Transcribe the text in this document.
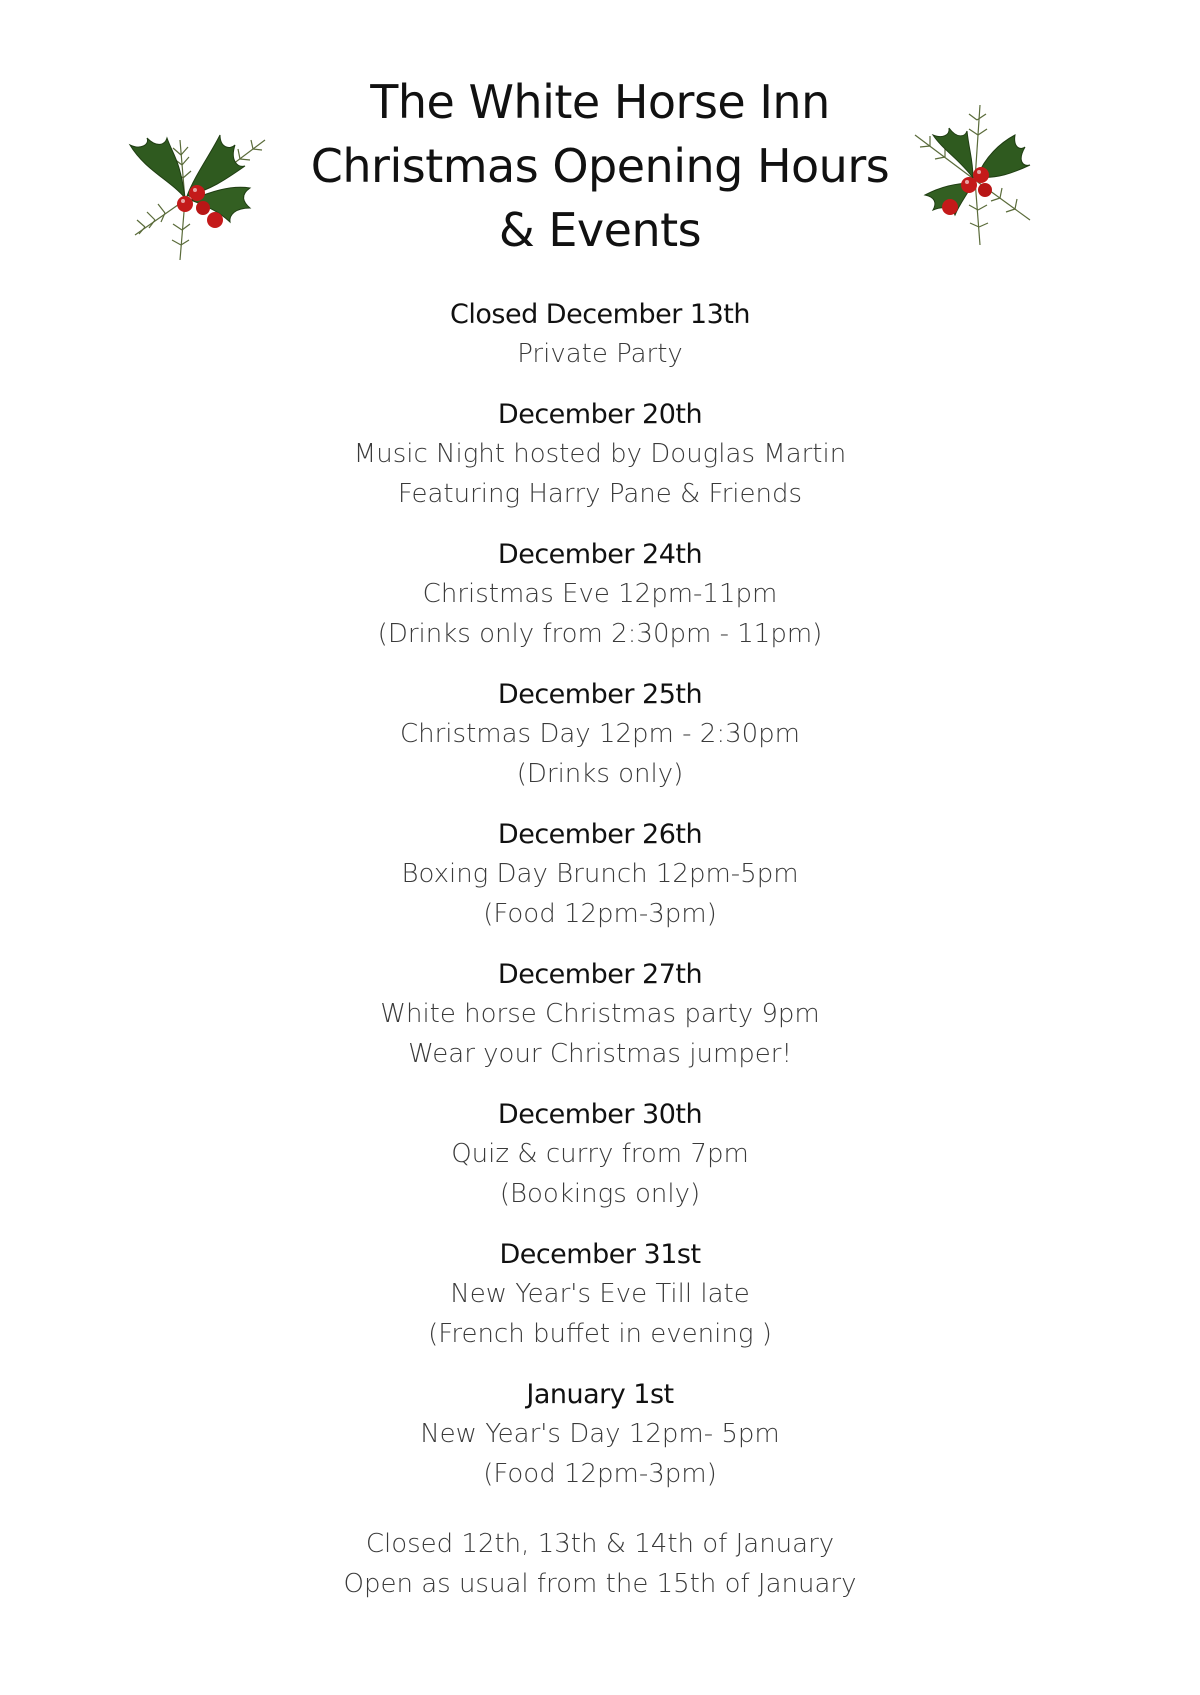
The White Horse Inn
Christmas Opening Hours
& Events
Closed December 13th
Private Party
December 20th
Music Night hosted by Douglas Martin
Featuring Harry Pane & Friends
December 24th
Christmas Eve 12pm-11pm
(Drinks only from 2:30pm - 11pm)
December 25th
Christmas Day 12pm - 2:30pm
(Drinks only)
December 26th
Boxing Day Brunch 12pm-5pm
(Food 12pm-3pm)
December 27th
White horse Christmas party 9pm
Wear your Christmas jumper!
December 30th
Quiz & curry from 7pm
(Bookings only)
December 31st
New Year's Eve Till late
(French buffet in evening )
January 1st
New Year's Day 12pm- 5pm
(Food 12pm-3pm)
Closed 12th, 13th & 14th of January
Open as usual from the 15th of January
